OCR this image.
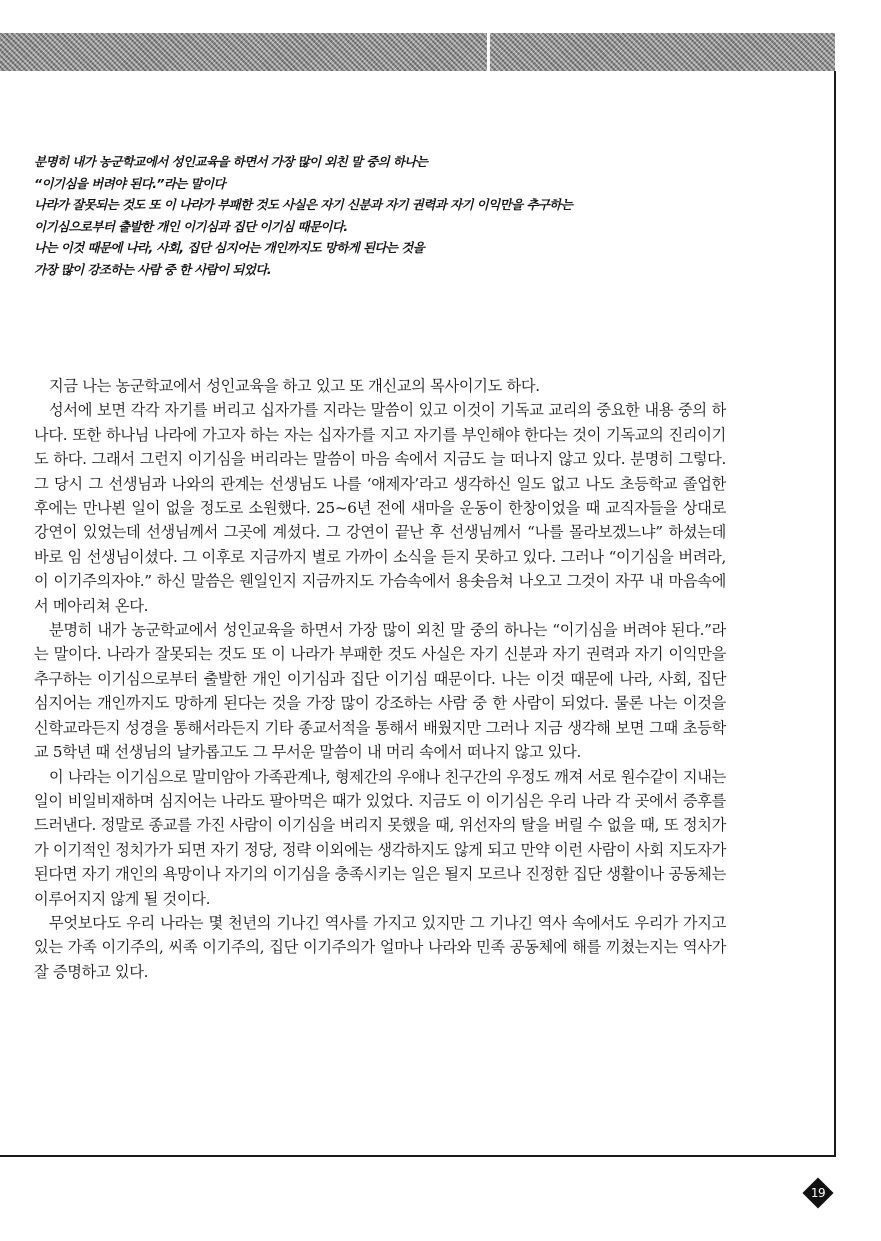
분명히 내가 농군학교에서 성인교육을 하면서 가장 많이 외친 말 중의 하나는

“이기심을 버려야 된다.”라는 말이다

나라가 잘못되는 것도 또 이 나라가 부패한 것도 사실은 자기 신분과 자기 권력과 자기 이익만을 추구하는

이기심으로부터 출발한 개인 이기심과 집단 이기심 때문이다.

나는 이것 때문에 나라, 사회, 집단 심지어는 개인까지도 망하게 된다는 것을

가장 많이 강조하는 사람 중 한 사람이 되었다.

지금 나는 농군학교에서 성인교육을 하고 있고 또 개신교의 목사이기도 하다.

성서에 보면 각각 자기를 버리고 십자가를 지라는 말씀이 있고 이것이 기독교 교리의 중요한 내용 중의 하나다. 또한 하나님 나라에 가고자 하는 자는 십자가를 지고 자기를 부인해야 한다는 것이 기독교의 진리이기도 하다. 그래서 그런지 이기심을 버리라는 말씀이 마음 속에서 지금도 늘 떠나지 않고 있다. 분명히 그렇다. 그 당시 그 선생님과 나와의 관계는 선생님도 나를 ‘애제자’라고 생각하신 일도 없고 나도 초등학교 졸업한 후에는 만나뵌 일이 없을 정도로 소원했다. 25~6년 전에 새마을 운동이 한창이었을 때 교직자들을 상대로 강연이 있었는데 선생님께서 그곳에 계셨다. 그 강연이 끝난 후 선생님께서 “나를 몰라보겠느냐” 하셨는데 바로 임 선생님이셨다. 그 이후로 지금까지 별로 가까이 소식을 듣지 못하고 있다. 그러나 “이기심을 버려라, 이 이기주의자야.” 하신 말씀은 웬일인지 지금까지도 가슴속에서 용솟음쳐 나오고 그것이 자꾸 내 마음속에서 메아리쳐 온다.

분명히 내가 농군학교에서 성인교육을 하면서 가장 많이 외친 말 중의 하나는 “이기심을 버려야 된다.”라는 말이다. 나라가 잘못되는 것도 또 이 나라가 부패한 것도 사실은 자기 신분과 자기 권력과 자기 이익만을 추구하는 이기심으로부터 출발한 개인 이기심과 집단 이기심 때문이다. 나는 이것 때문에 나라, 사회, 집단 심지어는 개인까지도 망하게 된다는 것을 가장 많이 강조하는 사람 중 한 사람이 되었다. 물론 나는 이것을 신학교라든지 성경을 통해서라든지 기타 종교서적을 통해서 배웠지만 그러나 지금 생각해 보면 그때 초등학교 5학년 때 선생님의 날카롭고도 그 무서운 말씀이 내 머리 속에서 떠나지 않고 있다.

이 나라는 이기심으로 말미암아 가족관계나, 형제간의 우애나 친구간의 우정도 깨져 서로 원수같이 지내는 일이 비일비재하며 심지어는 나라도 팔아먹은 때가 있었다. 지금도 이 이기심은 우리 나라 각 곳에서 증후를 드러낸다. 정말로 종교를 가진 사람이 이기심을 버리지 못했을 때, 위선자의 탈을 버릴 수 없을 때, 또 정치가가 이기적인 정치가가 되면 자기 정당, 정략 이외에는 생각하지도 않게 되고 만약 이런 사람이 사회 지도자가 된다면 자기 개인의 욕망이나 자기의 이기심을 충족시키는 일은 될지 모르나 진정한 집단 생활이나 공동체는 이루어지지 않게 될 것이다.

무엇보다도 우리 나라는 몇 천년의 기나긴 역사를 가지고 있지만 그 기나긴 역사 속에서도 우리가 가지고 있는 가족 이기주의, 씨족 이기주의, 집단 이기주의가 얼마나 나라와 민족 공동체에 해를 끼쳤는지는 역사가 잘 증명하고 있다.

19
